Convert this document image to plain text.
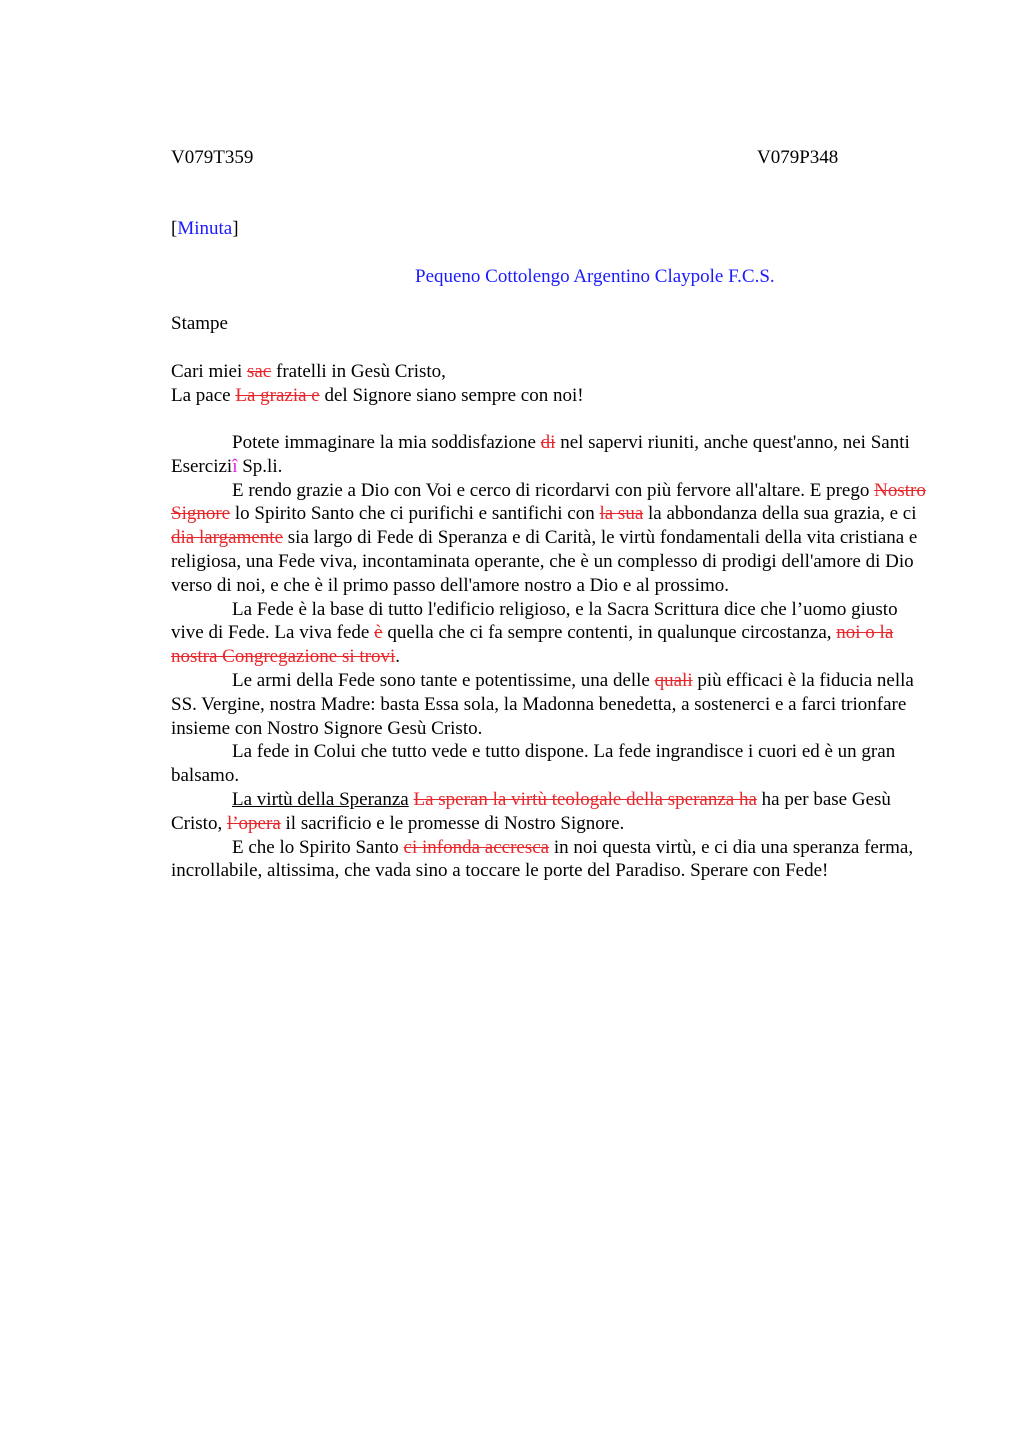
V079T359	V079P348
[Minuta]
Pequeno Cottolengo Argentino Claypole F.C.S.
Stampe
Cari miei sac fratelli in Gesù Cristo,
La pace La grazia e del Signore siano sempre con noi!

Potete immaginare la mia soddisfazione di nel sapervi riuniti, anche quest'anno, nei Santi Eserciziî Sp.li.

E rendo grazie a Dio con Voi e cerco di ricordarvi con più fervore all'altare. E prego Nostro Signore lo Spirito Santo che ci purifichi e santifichi con la sua la abbondanza della sua grazia, e ci dia largamente sia largo di Fede di Speranza e di Carità, le virtù fondamentali della vita cristiana e religiosa, una Fede viva, incontaminata operante, che è un complesso di prodigi dell'amore di Dio verso di noi, e che è il primo passo dell'amore nostro a Dio e al prossimo.

La Fede è la base di tutto l'edificio religioso, e la Sacra Scrittura dice che l’uomo giusto vive di Fede. La viva fede è quella che ci fa sempre contenti, in qualunque circostanza, noi o la nostra Congregazione si trovi.

Le armi della Fede sono tante e potentissime, una delle quali più efficaci è la fiducia nella SS. Vergine, nostra Madre: basta Essa sola, la Madonna benedetta, a sostenerci e a farci trionfare insieme con Nostro Signore Gesù Cristo.

La fede in Colui che tutto vede e tutto dispone. La fede ingrandisce i cuori ed è un gran balsamo.

La virtù della Speranza La speran la virtù teologale della speranza ha ha per base Gesù Cristo, l’opera il sacrificio e le promesse di Nostro Signore.

E che lo Spirito Santo ci infonda accresca in noi questa virtù, e ci dia una speranza ferma, incrollabile, altissima, che vada sino a toccare le porte del Paradiso. Sperare con Fede!
